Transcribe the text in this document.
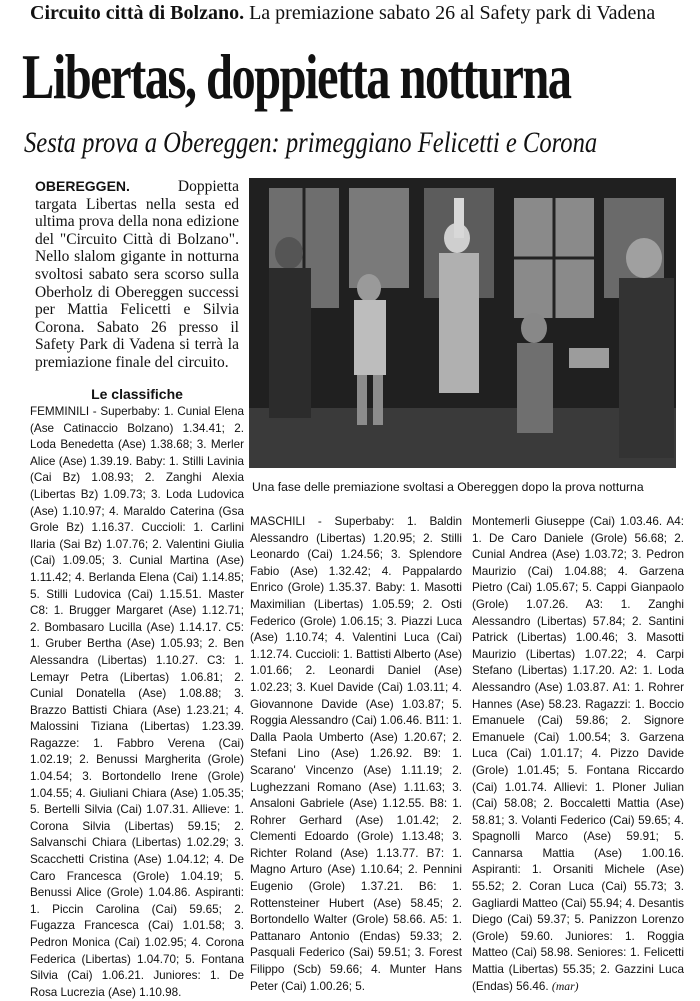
Circuito città di Bolzano. La premiazione sabato 26 al Safety park di Vadena
Libertas, doppietta notturna
Sesta prova a Obereggen: primeggiano Felicetti e Corona
OBEREGGEN. Doppietta targata Libertas nella sesta ed ultima prova della nona edizione del "Circuito Città di Bolzano". Nello slalom gigante in notturna svoltosi sabato sera scorso sulla Oberholz di Obereggen successi per Mattia Felicetti e Silvia Corona. Sabato 26 presso il Safety Park di Vadena si terrà la premiazione finale del circuito.
Le classifiche
FEMMINILI - Superbaby: 1. Cunial Elena (Ase Catinaccio Bolzano) 1.34.41; 2. Loda Benedetta (Ase) 1.38.68; 3. Merler Alice (Ase) 1.39.19. Baby: 1. Stilli Lavinia (Cai Bz) 1.08.93; 2. Zanghi Alexia (Libertas Bz) 1.09.73; 3. Loda Ludovica (Ase) 1.10.97; 4. Maraldo Caterina (Gsa Grole Bz) 1.16.37. Cuccioli: 1. Carlini Ilaria (Sai Bz) 1.07.76; 2. Valentini Giulia (Cai) 1.09.05; 3. Cunial Martina (Ase) 1.11.42; 4. Berlanda Elena (Cai) 1.14.85; 5. Stilli Ludovica (Cai) 1.15.51. Master C8: 1. Brugger Margaret (Ase) 1.12.71; 2. Bombasaro Lucilla (Ase) 1.14.17. C5: 1. Gruber Bertha (Ase) 1.05.93; 2. Ben Alessandra (Libertas) 1.10.27. C3: 1. Lemayr Petra (Libertas) 1.06.81; 2. Cunial Donatella (Ase) 1.08.88; 3. Brazzo Battisti Chiara (Ase) 1.23.21; 4. Malossini Tiziana (Libertas) 1.23.39. Ragazze: 1. Fabbro Verena (Cai) 1.02.19; 2. Benussi Margherita (Grole) 1.04.54; 3. Bortondello Irene (Grole) 1.04.55; 4. Giuliani Chiara (Ase) 1.05.35; 5. Bertelli Silvia (Cai) 1.07.31. Allieve: 1. Corona Silvia (Libertas) 59.15; 2. Salvanschi Chiara (Libertas) 1.02.29; 3. Scacchetti Cristina (Ase) 1.04.12; 4. De Caro Francesca (Grole) 1.04.19; 5. Benussi Alice (Grole) 1.04.86. Aspiranti: 1. Piccin Carolina (Cai) 59.65; 2. Fugazza Francesca (Cai) 1.01.58; 3. Pedron Monica (Cai) 1.02.95; 4. Corona Federica (Libertas) 1.04.70; 5. Fontana Silvia (Cai) 1.06.21. Juniores: 1. De Rosa Lucrezia (Ase) 1.10.98.
Una fase delle premiazione svoltasi a Obereggen dopo la prova notturna
MASCHILI - Superbaby: 1. Baldin Alessandro (Libertas) 1.20.95; 2. Stilli Leonardo (Cai) 1.24.56; 3. Splendore Fabio (Ase) 1.32.42; 4. Pappalardo Enrico (Grole) 1.35.37. Baby: 1. Masotti Maximilian (Libertas) 1.05.59; 2. Osti Federico (Grole) 1.06.15; 3. Piazzi Luca (Ase) 1.10.74; 4. Valentini Luca (Cai) 1.12.74. Cuccioli: 1. Battisti Alberto (Ase) 1.01.66; 2. Leonardi Daniel (Ase) 1.02.23; 3. Kuel Davide (Cai) 1.03.11; 4. Giovannone Davide (Ase) 1.03.87; 5. Roggia Alessandro (Cai) 1.06.46. B11: 1. Dalla Paola Umberto (Ase) 1.20.67; 2. Stefani Lino (Ase) 1.26.92. B9: 1. Scarano' Vincenzo (Ase) 1.11.19; 2. Lughezzani Romano (Ase) 1.11.63; 3. Ansaloni Gabriele (Ase) 1.12.55. B8: 1. Rohrer Gerhard (Ase) 1.01.42; 2. Clementi Edoardo (Grole) 1.13.48; 3. Richter Roland (Ase) 1.13.77. B7: 1. Magno Arturo (Ase) 1.10.64; 2. Pennini Eugenio (Grole) 1.37.21. B6: 1. Rottensteiner Hubert (Ase) 58.45; 2. Bortondello Walter (Grole) 58.66. A5: 1. Pattanaro Antonio (Endas) 59.33; 2. Pasquali Federico (Sai) 59.51; 3. Forest Filippo (Scb) 59.66; 4. Munter Hans Peter (Cai) 1.00.26; 5.
Montemerli Giuseppe (Cai) 1.03.46. A4: 1. De Caro Daniele (Grole) 56.68; 2. Cunial Andrea (Ase) 1.03.72; 3. Pedron Maurizio (Cai) 1.04.88; 4. Garzena Pietro (Cai) 1.05.67; 5. Cappi Gianpaolo (Grole) 1.07.26. A3: 1. Zanghi Alessandro (Libertas) 57.84; 2. Santini Patrick (Libertas) 1.00.46; 3. Masotti Maurizio (Libertas) 1.07.22; 4. Carpi Stefano (Libertas) 1.17.20. A2: 1. Loda Alessandro (Ase) 1.03.87. A1: 1. Rohrer Hannes (Ase) 58.23. Ragazzi: 1. Boccio Emanuele (Cai) 59.86; 2. Signore Emanuele (Cai) 1.00.54; 3. Garzena Luca (Cai) 1.01.17; 4. Pizzo Davide (Grole) 1.01.45; 5. Fontana Riccardo (Cai) 1.01.74. Allievi: 1. Ploner Julian (Cai) 58.08; 2. Boccaletti Mattia (Ase) 58.81; 3. Volanti Federico (Cai) 59.65; 4. Spagnolli Marco (Ase) 59.91; 5. Cannarsa Mattia (Ase) 1.00.16. Aspiranti: 1. Orsaniti Michele (Ase) 55.52; 2. Coran Luca (Cai) 55.73; 3. Gagliardi Matteo (Cai) 55.94; 4. Desantis Diego (Cai) 59.37; 5. Panizzon Lorenzo (Grole) 59.60. Juniores: 1. Roggia Matteo (Cai) 58.98. Seniores: 1. Felicetti Mattia (Libertas) 55.35; 2. Gazzini Luca (Endas) 56.46. (mar)
